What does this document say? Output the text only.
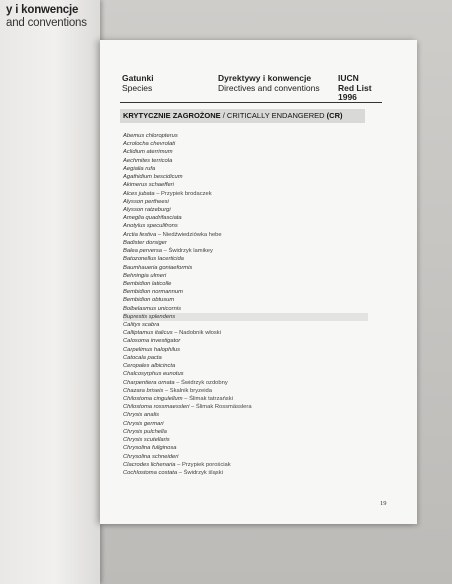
y i konwencje
and conventions
Gatunki
Species
Dyrektywy i konwencje
Directives and conventions
IUCN
Red List
1996
KRYTYCZNIE ZAGROŻONE / CRITICALLY ENDANGERED (CR)
Abemus chloropterus
Acrolocha chevrolati
Aclidium aterrimum
Aechmites terricola
Aegialia rufa
Agathidium bescidicum
Akimerus schaefferi
Alces jubata – Przypiek brodaczek
Alysson pertheesi
Alysson ratzeburgi
Ameglia quadrifasciata
Anotylus speculifrons
Arctia festiva – Niedźwiedziówka hebe
Badister dorsiger
Balea perversa – Świdrzyk lamikey
Batozonellus lacerticida
Baumhaueria goniaeformis
Behningia ulmeri
Bembidion laticolle
Bembidion normannum
Bembidion obtusum
Bolbelasmus unicornis
Buprestis splendens
Calitys scabra
Calliptamus italicus – Nadobnik włoski
Calosoma investigator
Carpelimus halophilus
Catocala pacta
Ceropales albicincta
Chalcosyrphus eunotus
Charpentiera ornata – Świdrzyk ozdobny
Chazara briseis – Skalnik bryzeida
Chilostoma cingulellum – Ślimak tatrzański
Chilostoma rossmaessleri – Ślimak Rossmässlera
Chrysis analis
Chrysis germari
Chrysis pulchella
Chrysis scutellaris
Chrysolina fuliginosa
Chrysolina schneideri
Clacrodes lichenaria – Przypiek porościak
Cochlostoma costata – Świdrzyk śląski
19
